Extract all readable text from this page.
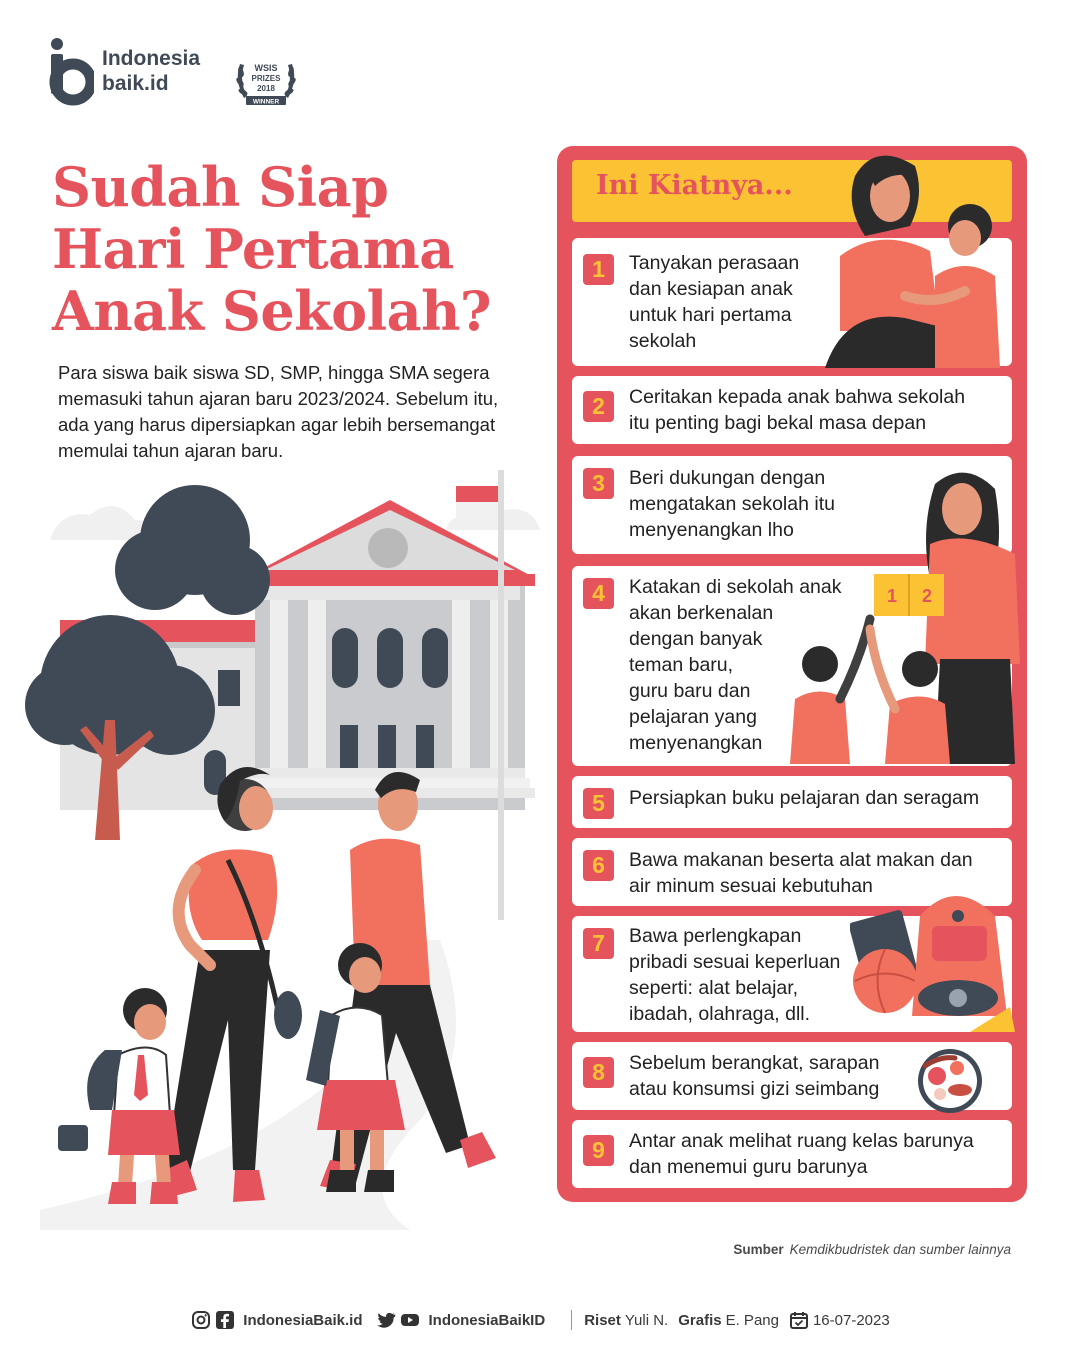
Indonesia
baik.id
WSIS
PRIZES
2018
WINNER
Sudah Siap
Hari Pertama
Anak Sekolah?
Para siswa baik siswa SD, SMP, hingga SMA segera memasuki tahun ajaran baru 2023/2024. Sebelum itu, ada yang harus dipersiapkan agar lebih bersemangat memulai tahun ajaran baru.
Ini Kiatnya...
1	Tanyakan perasaan
dan kesiapan anak
untuk hari pertama
sekolah
2	Ceritakan kepada anak bahwa sekolah
itu penting bagi bekal masa depan
3	Beri dukungan dengan
mengatakan sekolah itu
menyenangkan lho
4	Katakan di sekolah anak
akan berkenalan
dengan banyak
teman baru,
guru baru dan
pelajaran yang
menyenangkan
5	Persiapkan buku pelajaran dan seragam
6	Bawa makanan beserta alat makan dan
air minum sesuai kebutuhan
7	Bawa perlengkapan
pribadi sesuai keperluan
seperti: alat belajar,
ibadah, olahraga, dll.
8	Sebelum berangkat, sarapan
atau konsumsi gizi seimbang
9	Antar anak melihat ruang kelas barunya
dan menemui guru barunya
1 2
Sumber Kemdikbudristek dan sumber lainnya
IndonesiaBaik.id	IndonesiaBaikID	Riset Yuli N. Grafis E. Pang 16-07-2023
